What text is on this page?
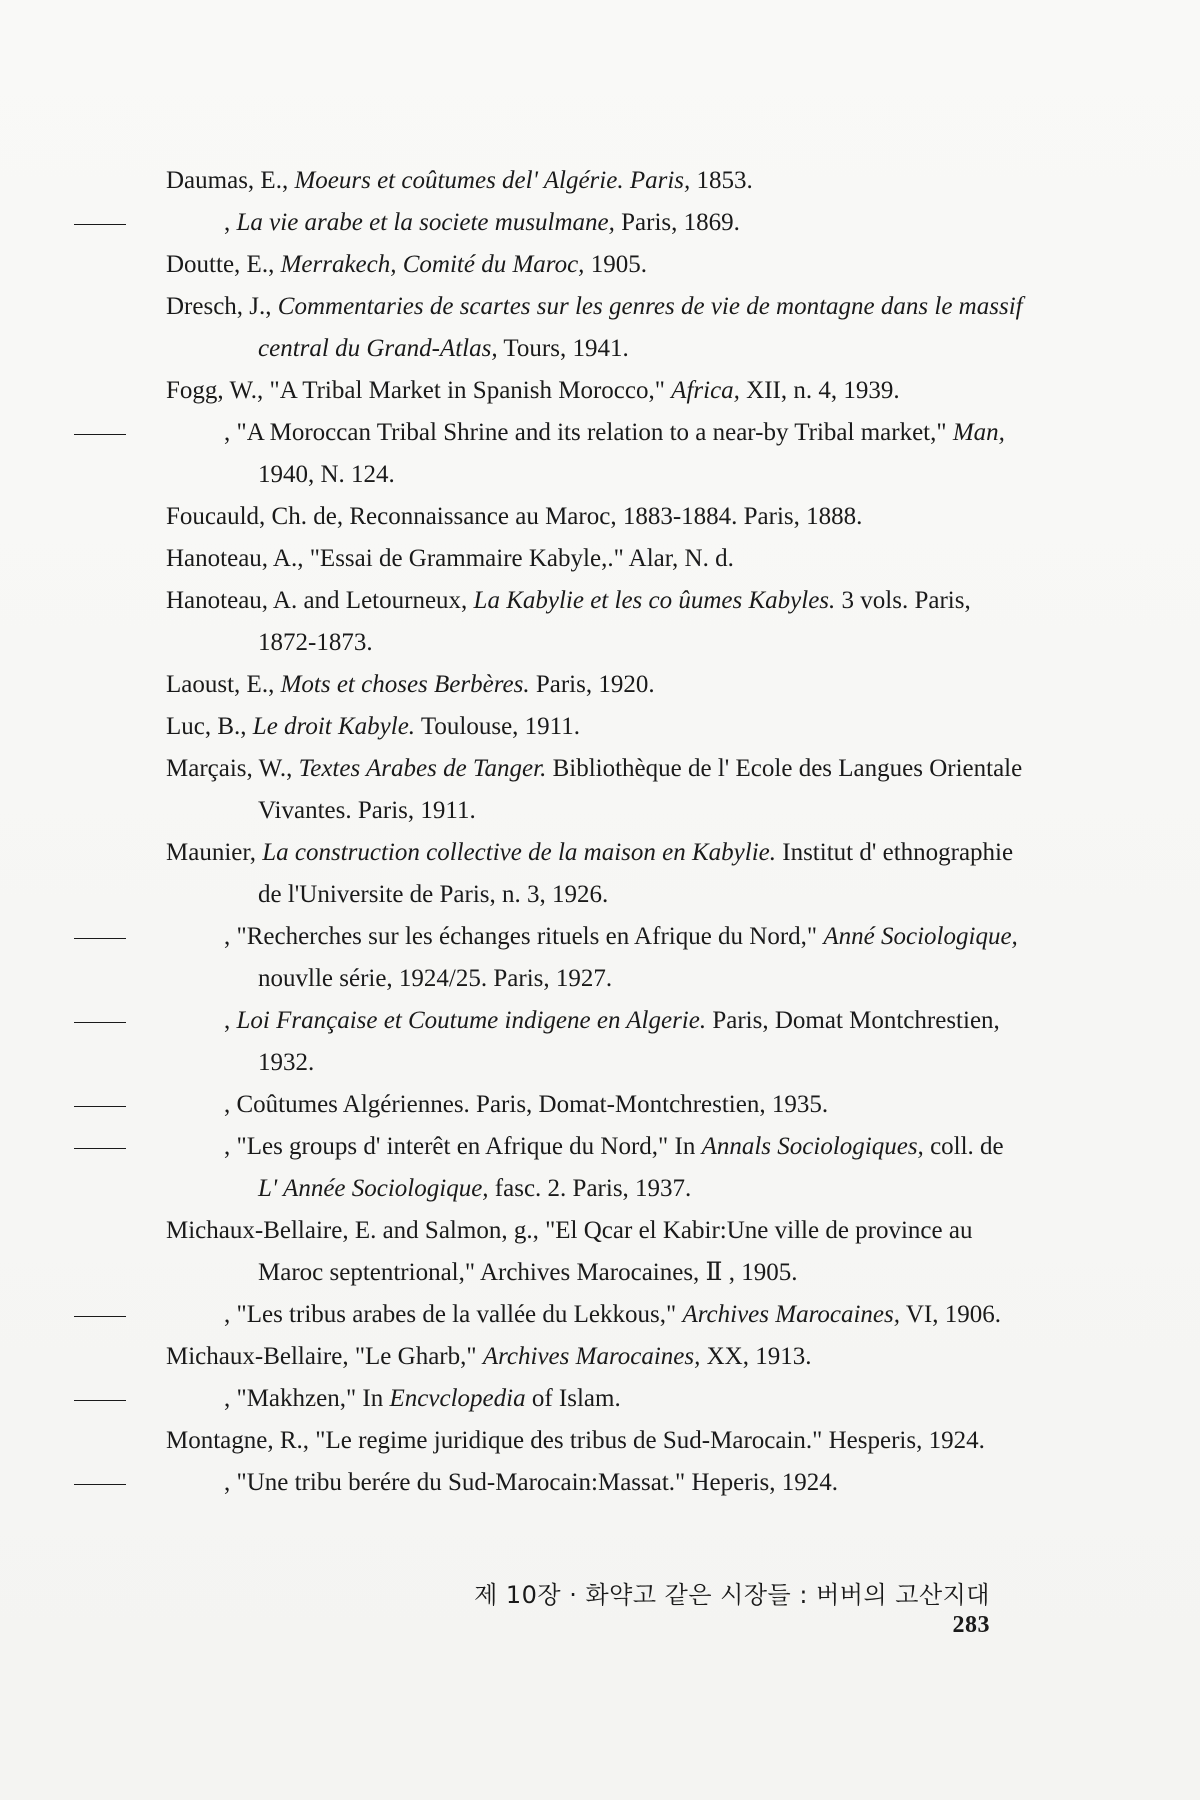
Daumas, E., Moeurs et coûtumes del' Algérie. Paris, 1853.

, La vie arabe et la societe musulmane, Paris, 1869.

Doutte, E., Merrakech, Comité du Maroc, 1905.

Dresch, J., Commentaries de scartes sur les genres de vie de montagne dans le massif central du Grand-Atlas, Tours, 1941.

Fogg, W., "A Tribal Market in Spanish Morocco," Africa, XII, n. 4, 1939.

, "A Moroccan Tribal Shrine and its relation to a near-by Tribal market," Man, 1940, N. 124.

Foucauld, Ch. de, Reconnaissance au Maroc, 1883-1884. Paris, 1888.

Hanoteau, A., "Essai de Grammaire Kabyle,." Alar, N. d.

Hanoteau, A. and Letourneux, La Kabylie et les co ûumes Kabyles. 3 vols. Paris, 1872-1873.

Laoust, E., Mots et choses Berbères. Paris, 1920.

Luc, B., Le droit Kabyle. Toulouse, 1911.

Marçais, W., Textes Arabes de Tanger. Bibliothèque de l' Ecole des Langues Orientale Vivantes. Paris, 1911.

Maunier, La construction collective de la maison en Kabylie. Institut d' ethnographie de l'Universite de Paris, n. 3, 1926.

, "Recherches sur les échanges rituels en Afrique du Nord," Anné Sociologique, nouvlle série, 1924/25. Paris, 1927.

, Loi Française et Coutume indigene en Algerie. Paris, Domat Montchrestien, 1932.

, Coûtumes Algériennes. Paris, Domat-Montchrestien, 1935.

, "Les groups d' interêt en Afrique du Nord," In Annals Sociologiques, coll. de L' Année Sociologique, fasc. 2. Paris, 1937.

Michaux-Bellaire, E. and Salmon, g., "El Qcar el Kabir:Une ville de province au Maroc septentrional," Archives Marocaines, Ⅱ , 1905.

, "Les tribus arabes de la vallée du Lekkous," Archives Marocaines, VI, 1906.

Michaux-Bellaire, "Le Gharb," Archives Marocaines, XX, 1913.

, "Makhzen," In Encvclopedia of Islam.

Montagne, R., "Le regime juridique des tribus de Sud-Marocain." Hesperis, 1924.

, "Une tribu berére du Sud-Marocain:Massat." Heperis, 1924.

제 10장 · 화약고 같은 시장들 : 버버의 고산지대283
